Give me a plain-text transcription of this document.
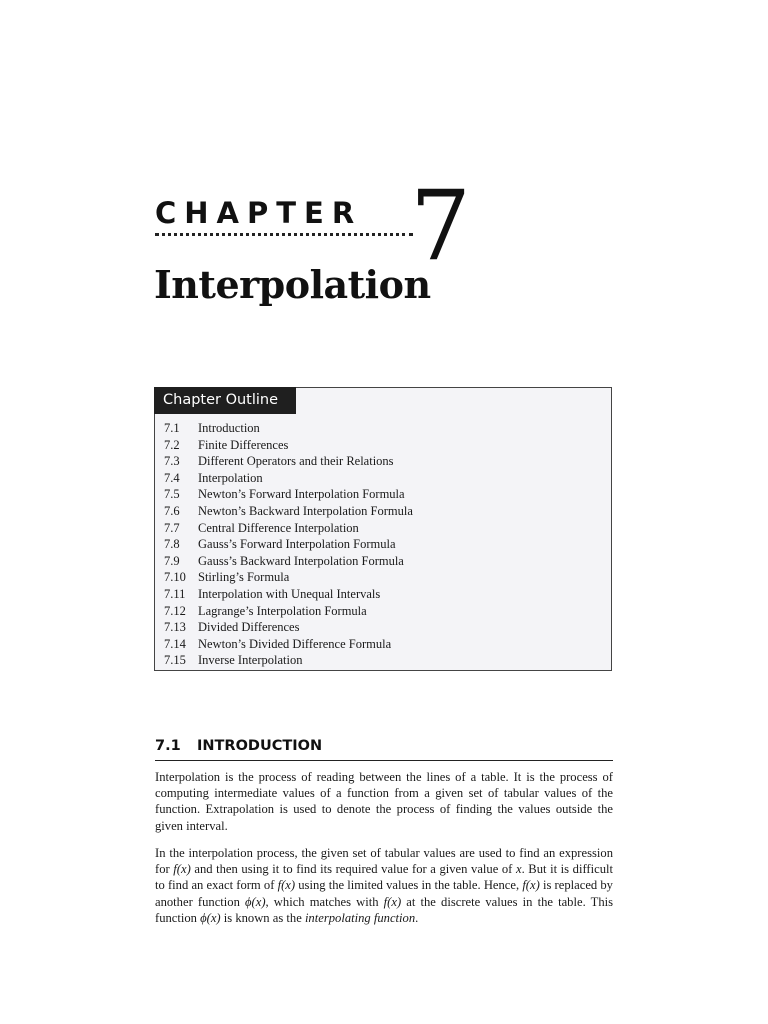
CHAPTER 7
Interpolation
Chapter Outline
7.1 Introduction
7.2 Finite Differences
7.3 Different Operators and their Relations
7.4 Interpolation
7.5 Newton’s Forward Interpolation Formula
7.6 Newton’s Backward Interpolation Formula
7.7 Central Difference Interpolation
7.8 Gauss’s Forward Interpolation Formula
7.9 Gauss’s Backward Interpolation Formula
7.10 Stirling’s Formula
7.11 Interpolation with Unequal Intervals
7.12 Lagrange’s Interpolation Formula
7.13 Divided Differences
7.14 Newton’s Divided Difference Formula
7.15 Inverse Interpolation
7.1 INTRODUCTION

Interpolation is the process of reading between the lines of a table. It is the process of computing intermediate values of a function from a given set of tabular values of the function. Extrapolation is used to denote the process of finding the values outside the given interval.

In the interpolation process, the given set of tabular values are used to find an expression for f(x) and then using it to find its required value for a given value of x. But it is difficult to find an exact form of f(x) using the limited values in the table. Hence, f(x) is replaced by another function ϕ(x), which matches with f(x) at the discrete values in the table. This function ϕ(x) is known as the interpolating function.
